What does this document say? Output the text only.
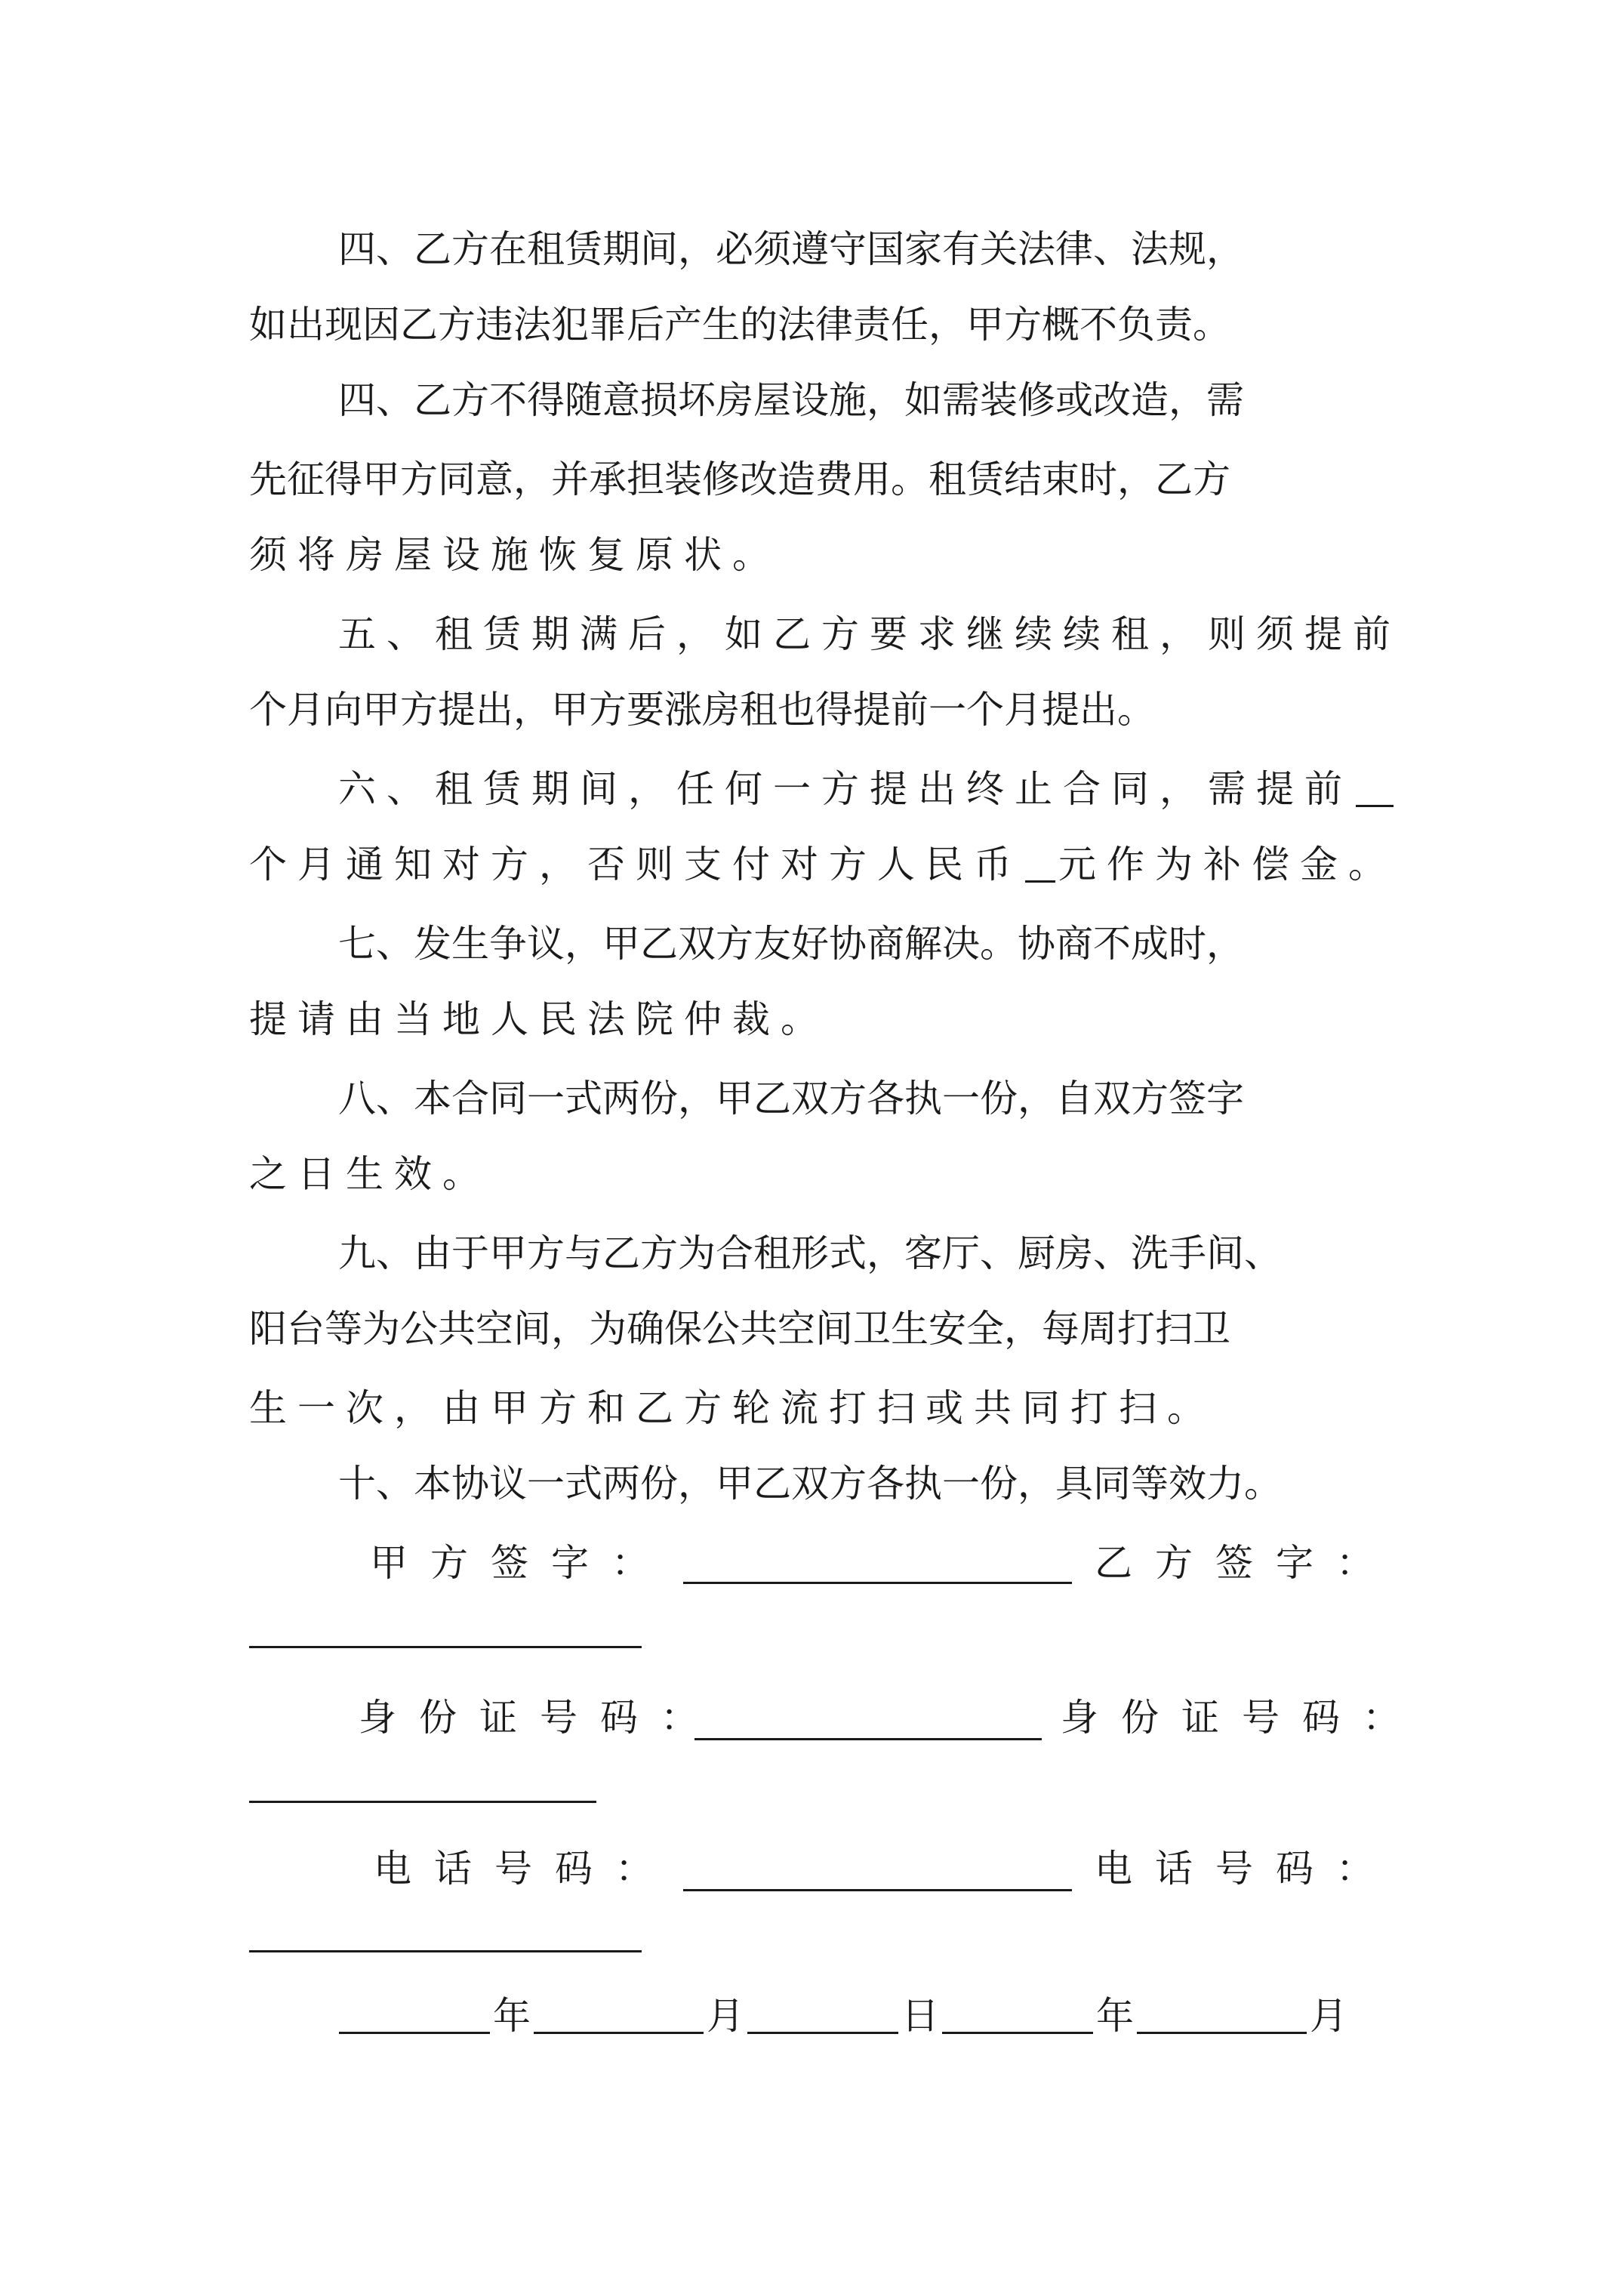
四、乙方在租赁期间，必须遵守国家有关法律、法规，
如出现因乙方违法犯罪后产生的法律责任，甲方概不负责。
四、乙方不得随意损坏房屋设施，如需装修或改造，需
先征得甲方同意，并承担装修改造费用。租赁结束时，乙方
须将房屋设施恢复原状。
五、租赁期满后，如乙方要求继续续租，则须提前
个月向甲方提出，甲方要涨房租也得提前一个月提出。
六、租赁期间，任何一方提出终止合同，需提前
个月通知对方，否则支付对方人民币 元作为补偿金。
七、发生争议，甲乙双方友好协商解决。协商不成时，
提请由当地人民法院仲裁。
八、本合同一式两份，甲乙双方各执一份，自双方签字
之日生效。
九、由于甲方与乙方为合租形式，客厅、厨房、洗手间、
阳台等为公共空间，为确保公共空间卫生安全，每周打扫卫
生一次，由甲方和乙方轮流打扫或共同打扫。
十、本协议一式两份，甲乙双方各执一份，具同等效力。
甲方签字：	乙方签字：
身份证号码：	身份证号码：
电话号码：	电话号码：
年	月	日	年	月
